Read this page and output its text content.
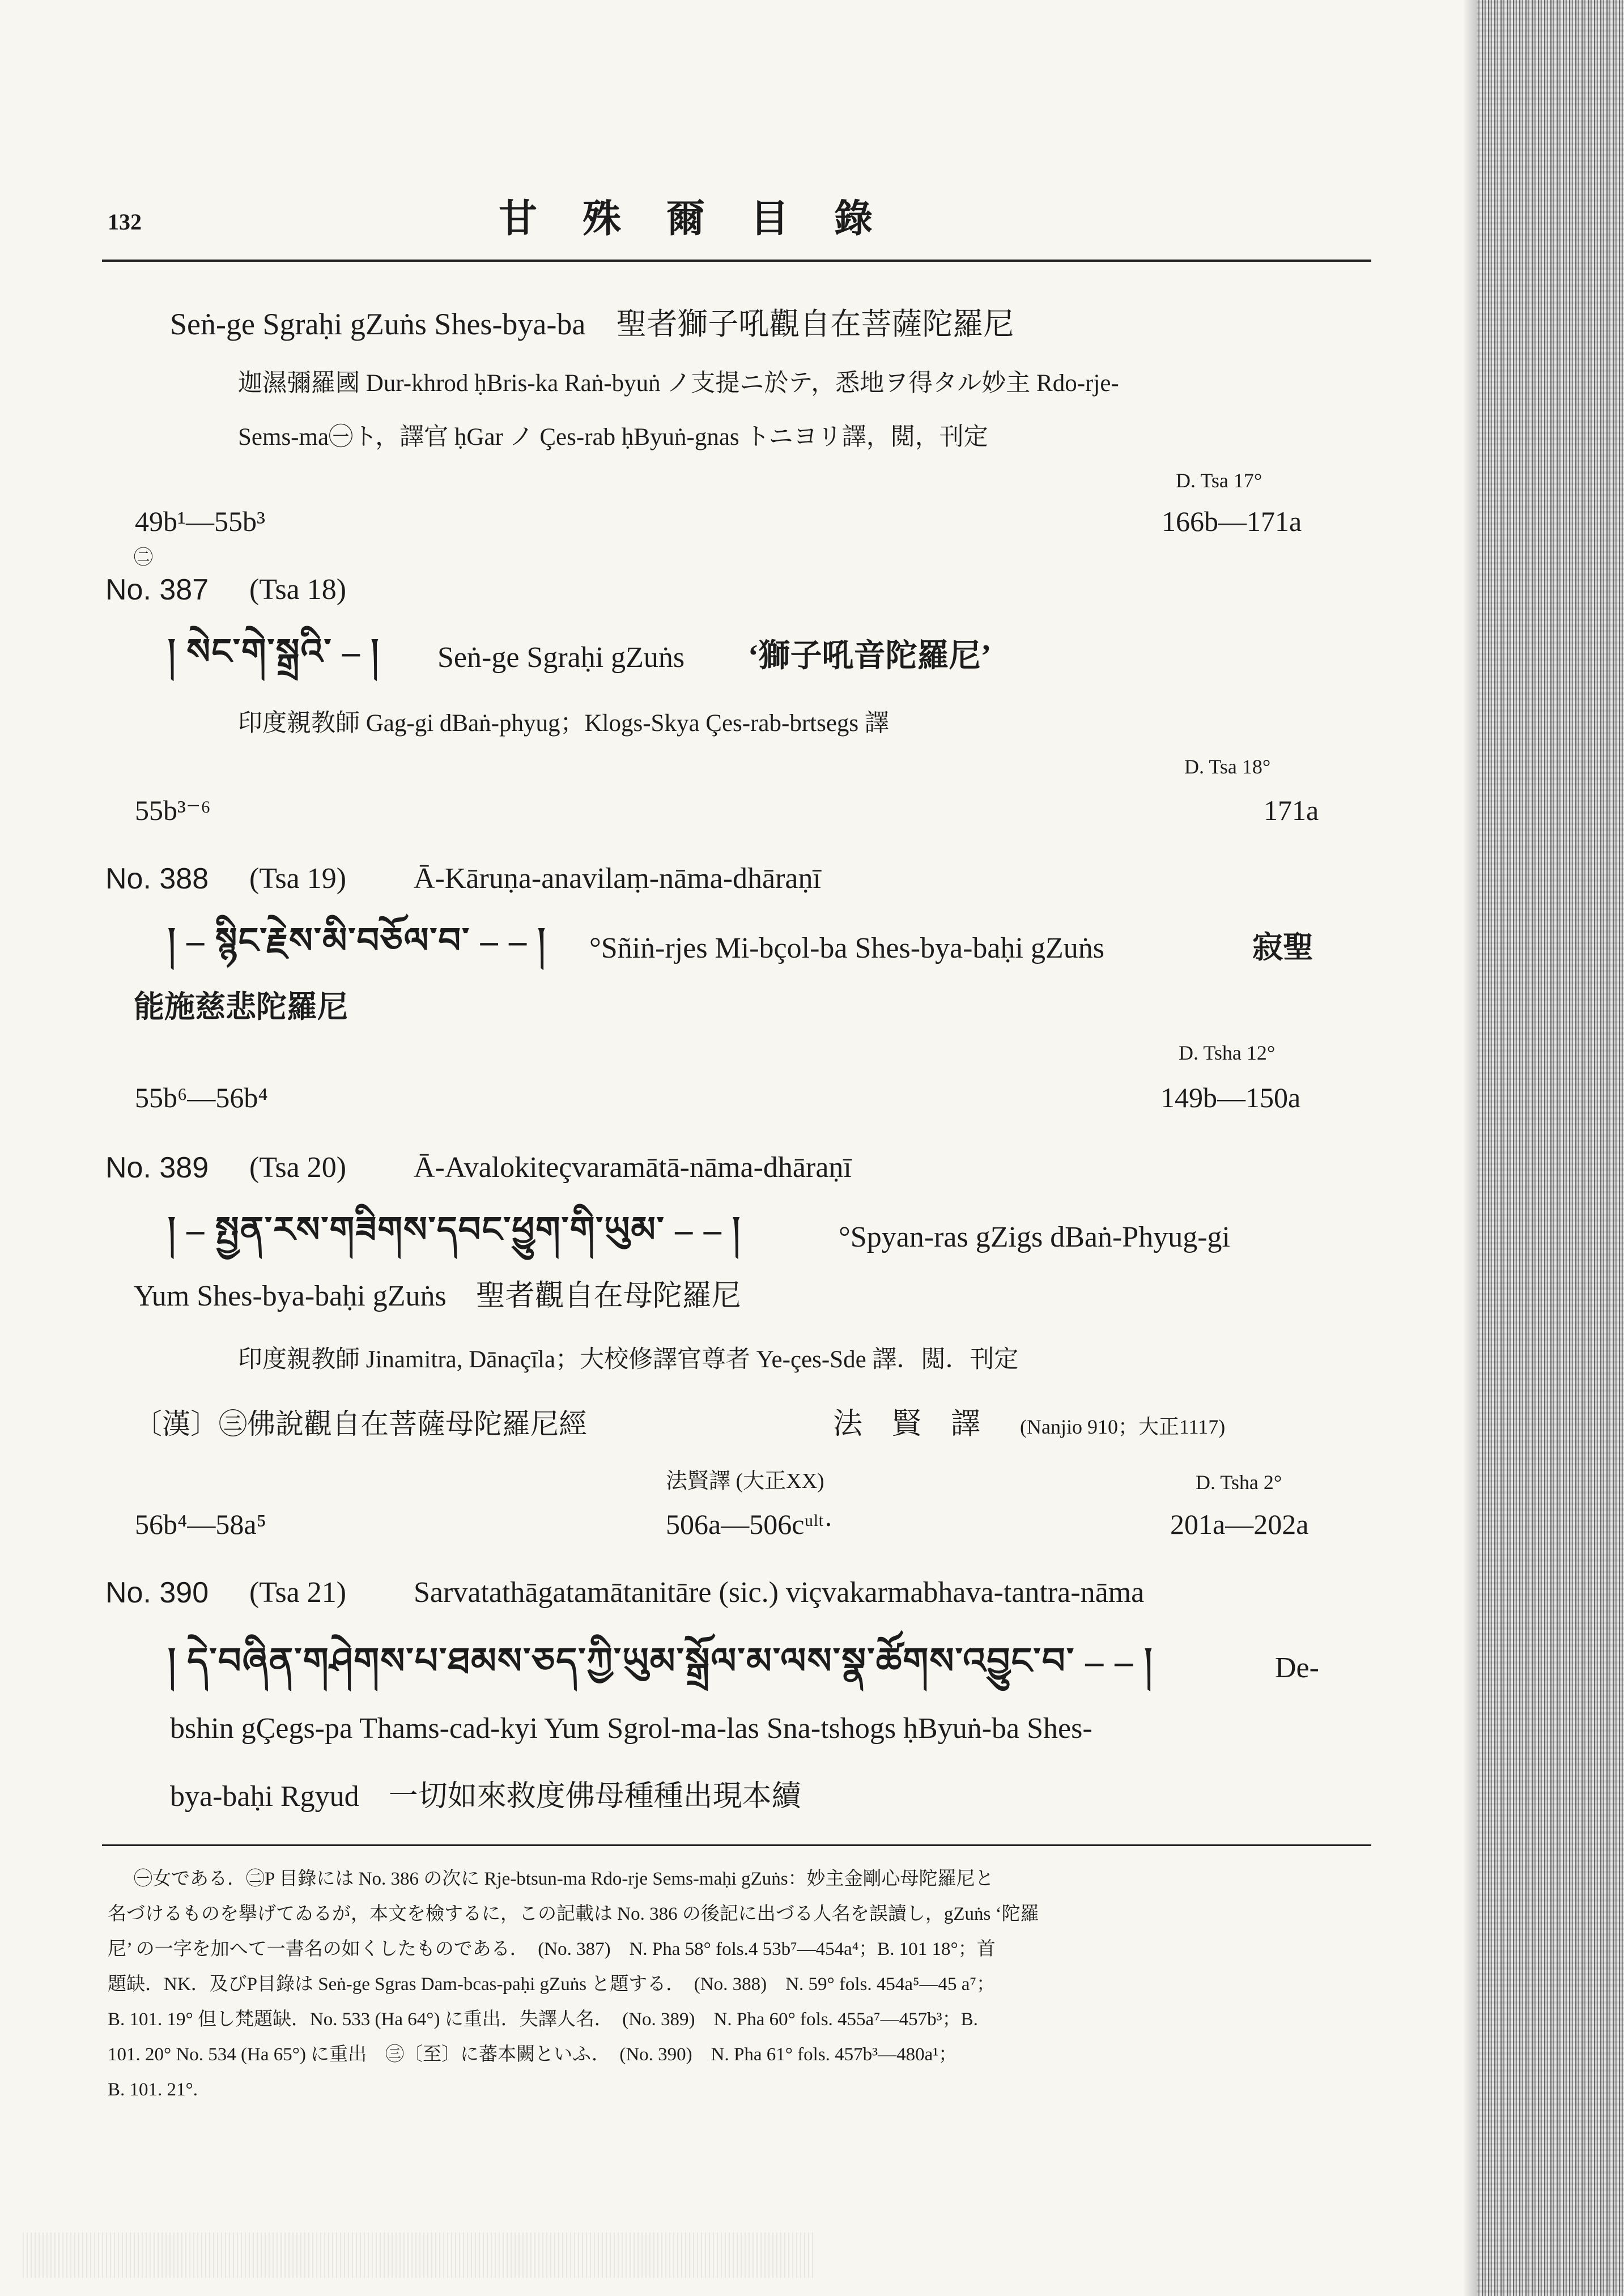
132	甘　殊　爾　目　錄
Seṅ-ge Sgraḥi gZuṅs Shes-bya-ba　聖者獅子吼觀自在菩薩陀羅尼
迦濕彌羅國 Dur-khrod ḥBris-ka Raṅ-byuṅ ノ支提ニ於テ，悉地ヲ得タル妙主 Rdo-rje-
Sems-ma㊀ト，譯官 ḥGar ノ Çes-rab ḥByuṅ-gnas トニヨリ譯，閲，刊定
D. Tsa 17°
49b¹—55b³	166b—171a
㊁
No. 387 (Tsa 18)
། སེང་གེ་སྒྲའི་ – ། Seṅ-ge Sgraḥi gZuṅs ‘獅子吼音陀羅尼’
印度親教師 Gag-gi dBaṅ-phyug；Klogs-Skya Çes-rab-brtsegs 譯
D. Tsa 18°
55b³⁻⁶	171a
No. 388 (Tsa 19) Ā-Kāruṇa-anavilaṃ-nāma-dhāraṇī
། – སྙིང་རྗེས་མི་བཅོལ་བ་ – – ། °Sñiṅ-rjes Mi-bçol-ba Shes-bya-baḥi gZuṅs	寂聖
能施慈悲陀羅尼
D. Tsha 12°
55b⁶—56b⁴	149b—150a
No. 389 (Tsa 20) Ā-Avalokiteçvaramātā-nāma-dhāraṇī
། – སྤྱན་རས་གཟིགས་དབང་ཕྱུག་གི་ཡུམ་ – – །	°Spyan-ras gZigs dBaṅ-Phyug-gi
Yum Shes-bya-baḥi gZuṅs　聖者觀自在母陀羅尼
印度親教師 Jinamitra, Dānaçīla；大校修譯官尊者 Ye-çes-Sde 譯．閲．刊定
〔漢〕㊂佛說觀自在菩薩母陀羅尼經	法　賢　譯 (Nanjio 910；大正1117)
法賢譯 (大正XX)	D. Tsha 2°
56b⁴—58a⁵	506a—506cᵘˡᵗ·	201a—202a
No. 390 (Tsa 21) Sarvatathāgatamātanitāre (sic.) viçvakarmabhava-tantra-nāma
། དེ་བཞིན་གཤེགས་པ་ཐམས་ཅད་ཀྱི་ཡུམ་སྒྲོལ་མ་ལས་སྣ་ཚོགས་འབྱུང་བ་ – – །	De-
bshin gÇegs-pa Thams-cad-kyi Yum Sgrol-ma-las Sna-tshogs ḥByuṅ-ba Shes-
bya-baḥi Rgyud　一切如來救度佛母種種出現本續
㊀女である．㊁P 目錄には No. 386 の次に Rje-btsun-ma Rdo-rje Sems-maḥi gZuṅs：妙主金剛心母陀羅尼と
名づけるものを擧げてゐるが，本文を檢するに，この記載は No. 386 の後記に出づる人名を誤讀し，gZuṅs ‘陀羅
尼’ の一字を加へて一書名の如くしたものである．　(No. 387)　N. Pha 58° fols.4 53b⁷—454a⁴；B. 101 18°；首
題缺．NK．及びP目錄は Seṅ-ge Sgras Dam-bcas-paḥi gZuṅs と題する．　(No. 388)　N. 59° fols. 454a⁵—45 a⁷；
B. 101. 19° 但し梵題缺．No. 533 (Ha 64°) に重出．失譯人名．　(No. 389)　N. Pha 60° fols. 455a⁷—457b³；B.
101. 20° No. 534 (Ha 65°) に重出　㊂〔至〕に蕃本闕といふ．　(No. 390)　N. Pha 61° fols. 457b³—480a¹；
B. 101. 21°.
